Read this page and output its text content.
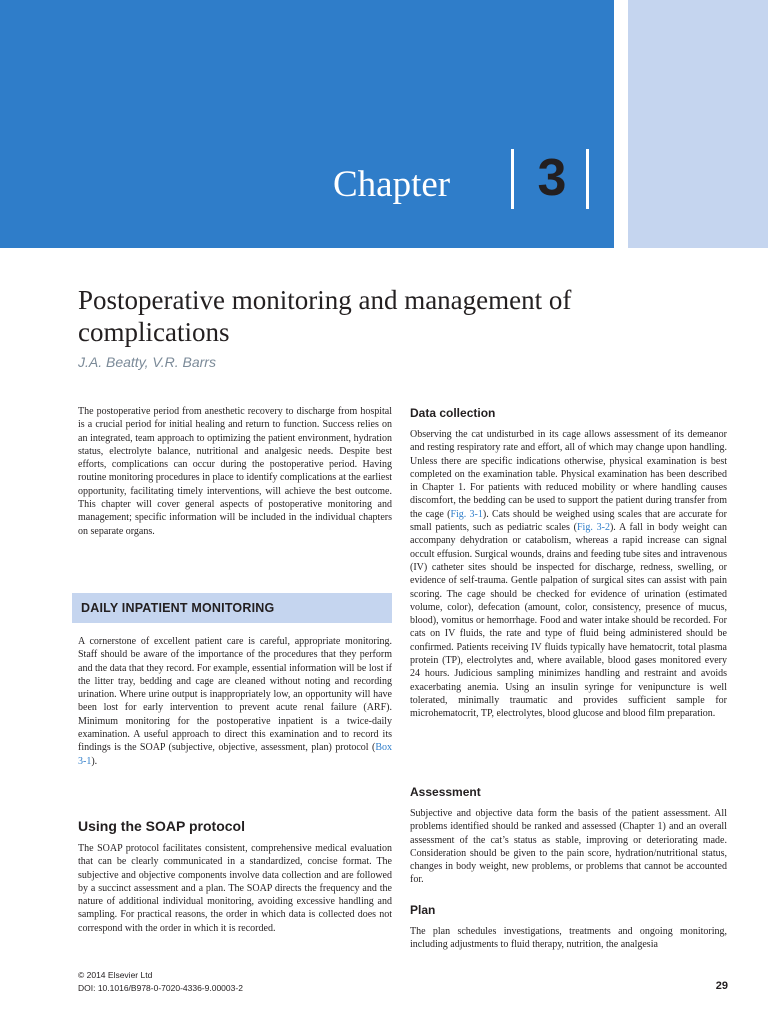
Chapter 3
Postoperative monitoring and management of complications
J.A. Beatty, V.R. Barrs

The postoperative period from anesthetic recovery to discharge from hospital is a crucial period for initial healing and return to function. Success relies on an integrated, team approach to optimizing the patient environment, hydration status, electrolyte balance, nutritional and analgesic needs. Despite best efforts, complications can occur during the postoperative period. Having routine monitoring procedures in place to identify complications at the earliest opportunity, facilitating timely interventions, will achieve the best outcome. This chapter will cover general aspects of postoperative monitoring and management; specific information will be included in the individual chapters on separate organs.

DAILY INPATIENT MONITORING

A cornerstone of excellent patient care is careful, appropriate monitoring. Staff should be aware of the importance of the procedures that they perform and the data that they record. For example, essential information will be lost if the litter tray, bedding and cage are cleaned without noting and recording urination. Where urine output is inappropriately low, an opportunity will have been lost for early intervention to prevent acute renal failure (ARF). Minimum monitoring for the postoperative inpatient is a twice-daily examination. A useful approach to direct this examination and to record its findings is the SOAP (subjective, objective, assessment, plan) protocol (Box 3-1).

Using the SOAP protocol

The SOAP protocol facilitates consistent, comprehensive medical evaluation that can be clearly communicated in a standardized, concise format. The subjective and objective components involve data collection and are followed by a succinct assessment and a plan. The SOAP directs the frequency and the nature of additional individual monitoring, avoiding excessive handling and sampling. For practical reasons, the order in which data is collected does not correspond with the order in which it is recorded.

Data collection

Observing the cat undisturbed in its cage allows assessment of its demeanor and resting respiratory rate and effort, all of which may change upon handling. Unless there are specific indications otherwise, physical examination is best completed on the examination table. Physical examination has been described in Chapter 1. For patients with reduced mobility or where handling causes discomfort, the bedding can be used to support the patient during transfer from the cage (Fig. 3-1). Cats should be weighed using scales that are accurate for small patients, such as pediatric scales (Fig. 3-2). A fall in body weight can accompany dehydration or catabolism, whereas a rapid increase can signal occult effusion. Surgical wounds, drains and feeding tube sites and intravenous (IV) catheter sites should be inspected for discharge, redness, swelling, or evidence of self-trauma. Gentle palpation of surgical sites can assist with pain scoring. The cage should be checked for evidence of urination (estimated volume, color), defecation (amount, color, consistency, presence of mucus, blood), vomitus or hemorrhage. Food and water intake should be recorded. For cats on IV fluids, the rate and type of fluid being administered should be confirmed. Patients receiving IV fluids typically have hematocrit, total plasma protein (TP), electrolytes and, where available, blood gases monitored every 24 hours. Judicious sampling minimizes handling and restraint and avoids exacerbating anemia. Using an insulin syringe for venipuncture is well tolerated, minimally traumatic and provides sufficient sample for microhematocrit, TP, electrolytes, blood glucose and blood film preparation.

Assessment

Subjective and objective data form the basis of the patient assessment. All problems identified should be ranked and assessed (Chapter 1) and an overall assessment of the cat’s status as stable, improving or deteriorating made. Consideration should be given to the pain score, hydration/nutritional status, changes in body weight, new problems, or problems that cannot be accounted for.

Plan

The plan schedules investigations, treatments and ongoing monitoring, including adjustments to fluid therapy, nutrition, the analgesia

© 2014 Elsevier Ltd
DOI: 10.1016/B978-0-7020-4336-9.00003-2	29
